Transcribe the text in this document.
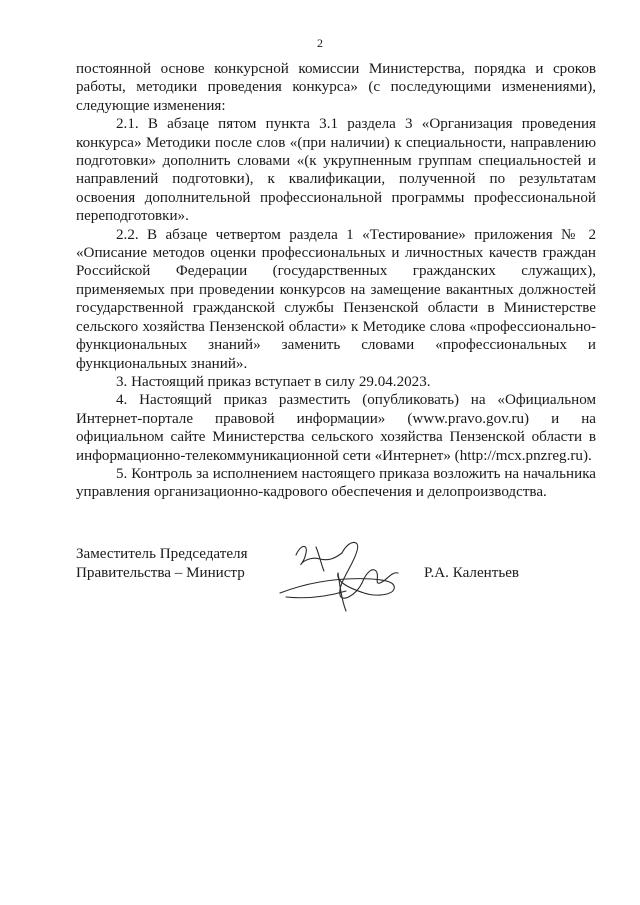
2

постоянной основе конкурсной комиссии Министерства, порядка и сроков работы, методики проведения конкурса» (с последующими изменениями), следующие изменения:

2.1. В абзаце пятом пункта 3.1 раздела 3 «Организация проведения конкурса» Методики после слов «(при наличии) к специальности, направлению подготовки» дополнить словами «(к укрупненным группам специальностей и направлений подготовки), к квалификации, полученной по результатам освоения дополнительной профессиональной программы профессиональной переподготовки».

2.2. В абзаце четвертом раздела 1 «Тестирование» приложения № 2 «Описание методов оценки профессиональных и личностных качеств граждан Российской Федерации (государственных гражданских служащих), применяемых при проведении конкурсов на замещение вакантных должностей государственной гражданской службы Пензенской области в Министерстве сельского хозяйства Пензенской области» к Методике слова «профессионально-функциональных знаний» заменить словами «профессиональных и функциональных знаний».

3. Настоящий приказ вступает в силу 29.04.2023.

4. Настоящий приказ разместить (опубликовать) на «Официальном Интернет-портале правовой информации» (www.pravo.gov.ru) и на официальном сайте Министерства сельского хозяйства Пензенской области в информационно-телекоммуникационной сети «Интернет» (http://mcx.pnzreg.ru).

5. Контроль за исполнением настоящего приказа возложить на начальника управления организационно-кадрового обеспечения и делопроизводства.

Заместитель Председателя
Правительства – Министр	Р.А. Калентьев
